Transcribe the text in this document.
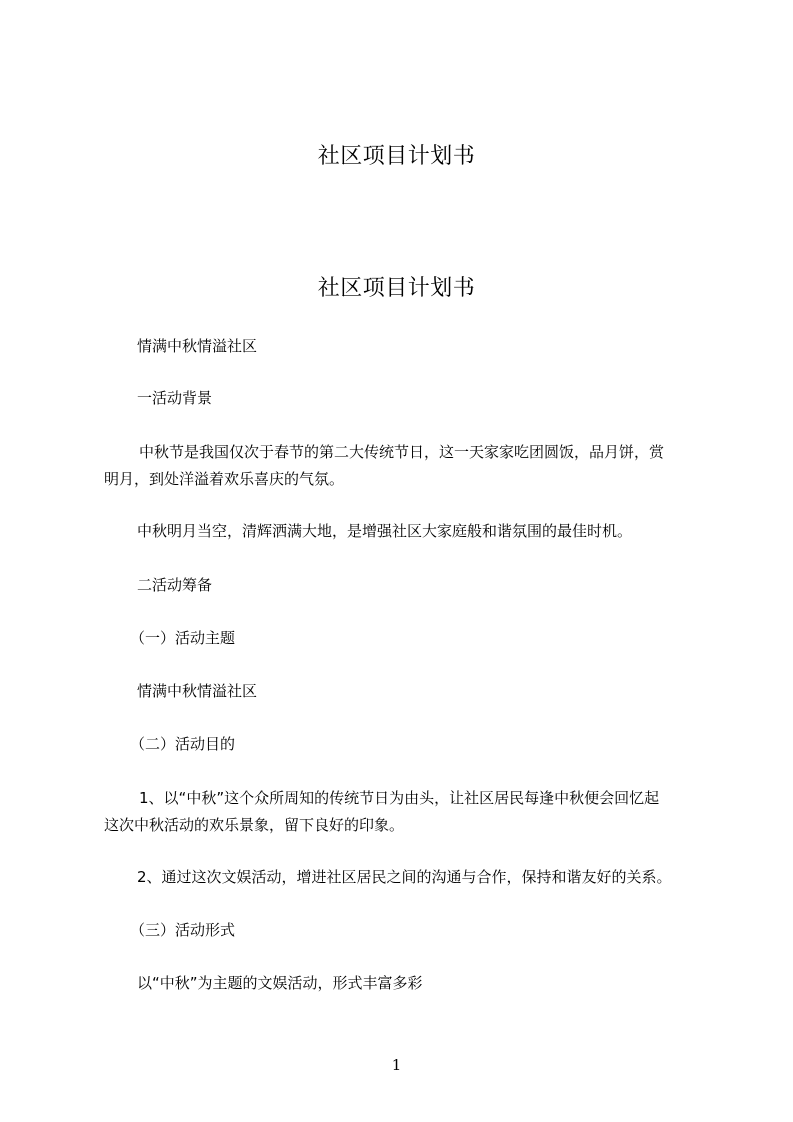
社区项目计划书
社区项目计划书
情满中秋情溢社区
一活动背景
中秋节是我国仅次于春节的第二大传统节日，这一天家家吃团圆饭，品月饼，赏
明月，到处洋溢着欢乐喜庆的气氛。
中秋明月当空，清辉洒满大地，是增强社区大家庭般和谐氛围的最佳时机。
二活动筹备
（一）活动主题
情满中秋情溢社区
（二）活动目的
1、以“中秋”这个众所周知的传统节日为由头，让社区居民每逢中秋便会回忆起
这次中秋活动的欢乐景象，留下良好的印象。
2、通过这次文娱活动，增进社区居民之间的沟通与合作，保持和谐友好的关系。
（三）活动形式
以“中秋”为主题的文娱活动，形式丰富多彩
1
